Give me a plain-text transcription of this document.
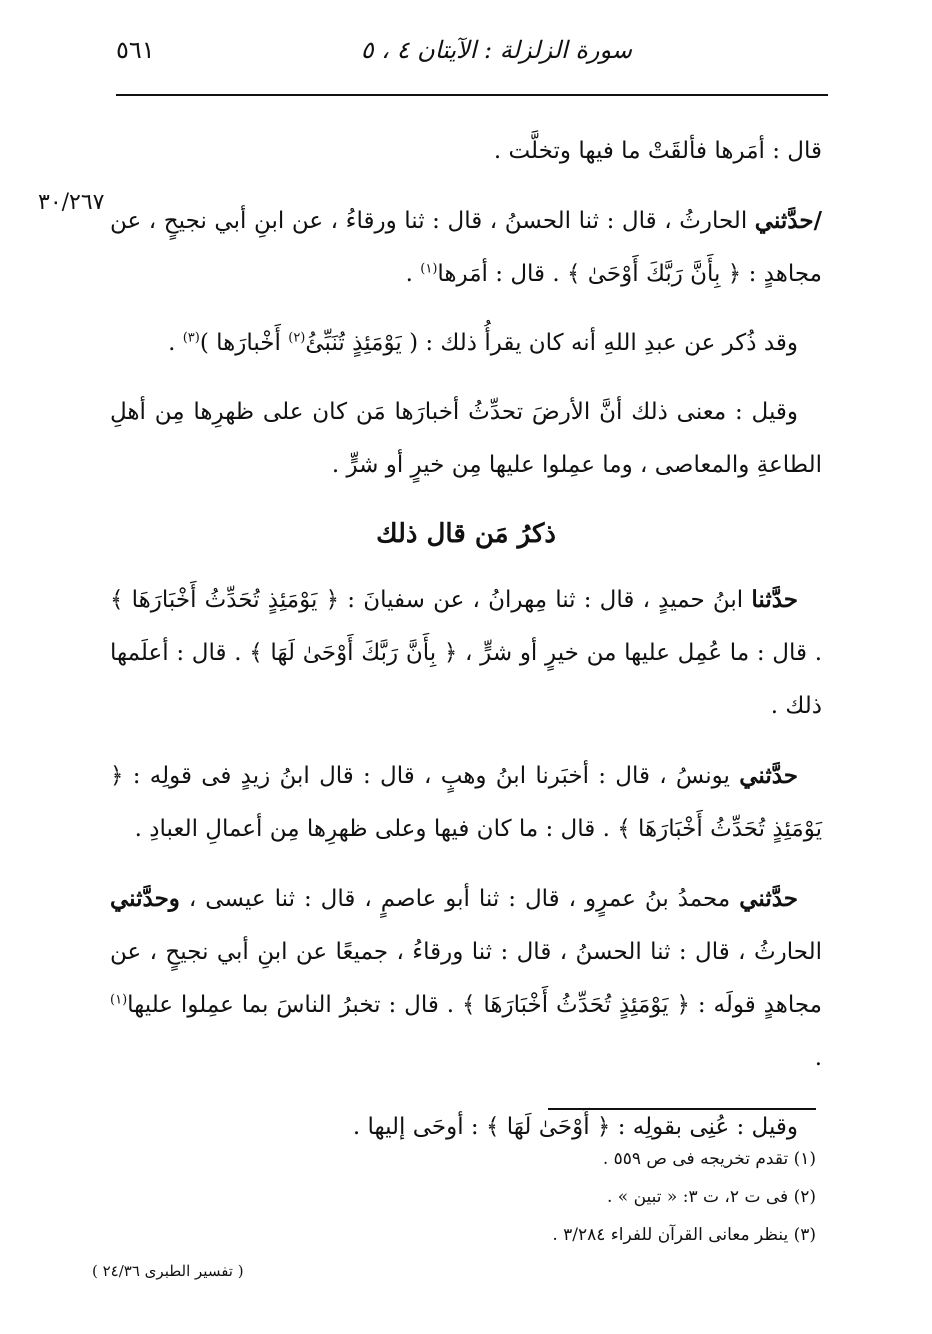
٥٦١	سورة الزلزلة : الآيتان ٤ ، ٥
٣٠/٢٦٧

قال : أمَرها فألقَتْ ما فيها وتخلَّت .

/حدَّثني الحارثُ ، قال : ثنا الحسنُ ، قال : ثنا ورقاءُ ، عن ابنِ أبي نجيحٍ ، عن مجاهدٍ : ﴿ بِأَنَّ رَبَّكَ أَوْحَىٰ ﴾ . قال : أمَرها$^{(١)}$ .

وقد ذُكر عن عبدِ اللهِ أنه كان يقرأُ ذلك : ( يَوْمَئِذٍ تُنَبِّئُ$^{(٢)}$ أَخْبارَها )$^{(٣)}$ .

وقيل : معنى ذلك أنَّ الأرضَ تحدِّثُ أخبارَها مَن كان على ظهرِها مِن أهلِ الطاعةِ والمعاصى ، وما عمِلوا عليها مِن خيرٍ أو شرٍّ .

ذكرُ مَن قال ذلك

حدَّثنا ابنُ حميدٍ ، قال : ثنا مِهرانُ ، عن سفيانَ : ﴿ يَوْمَئِذٍ تُحَدِّثُ أَخْبَارَهَا ﴾ . قال : ما عُمِل عليها من خيرٍ أو شرٍّ ، ﴿ بِأَنَّ رَبَّكَ أَوْحَىٰ لَهَا ﴾ . قال : أعلَمها ذلك .

حدَّثني يونسُ ، قال : أخبَرنا ابنُ وهبٍ ، قال : قال ابنُ زيدٍ فى قولِه : ﴿ يَوْمَئِذٍ تُحَدِّثُ أَخْبَارَهَا ﴾ . قال : ما كان فيها وعلى ظهرِها مِن أعمالِ العبادِ .

حدَّثني محمدُ بنُ عمرٍو ، قال : ثنا أبو عاصمٍ ، قال : ثنا عيسى ، وحدَّثني الحارثُ ، قال : ثنا الحسنُ ، قال : ثنا ورقاءُ ، جميعًا عن ابنِ أبي نجيحٍ ، عن مجاهدٍ قولَه : ﴿ يَوْمَئِذٍ تُحَدِّثُ أَخْبَارَهَا ﴾ . قال : تخبرُ الناسَ بما عمِلوا عليها$^{(١)}$ .

وقيل : عُنِى بقولِه : ﴿ أَوْحَىٰ لَهَا ﴾ : أوحَى إليها .

(١) تقدم تخريجه فى ص ٥٥٩ .
(٢) فى ت ٢، ت ٣: « تبين » .
(٣) ينظر معانى القرآن للفراء ٣/٢٨٤ .
( تفسير الطبرى ٢٤/٣٦ )
